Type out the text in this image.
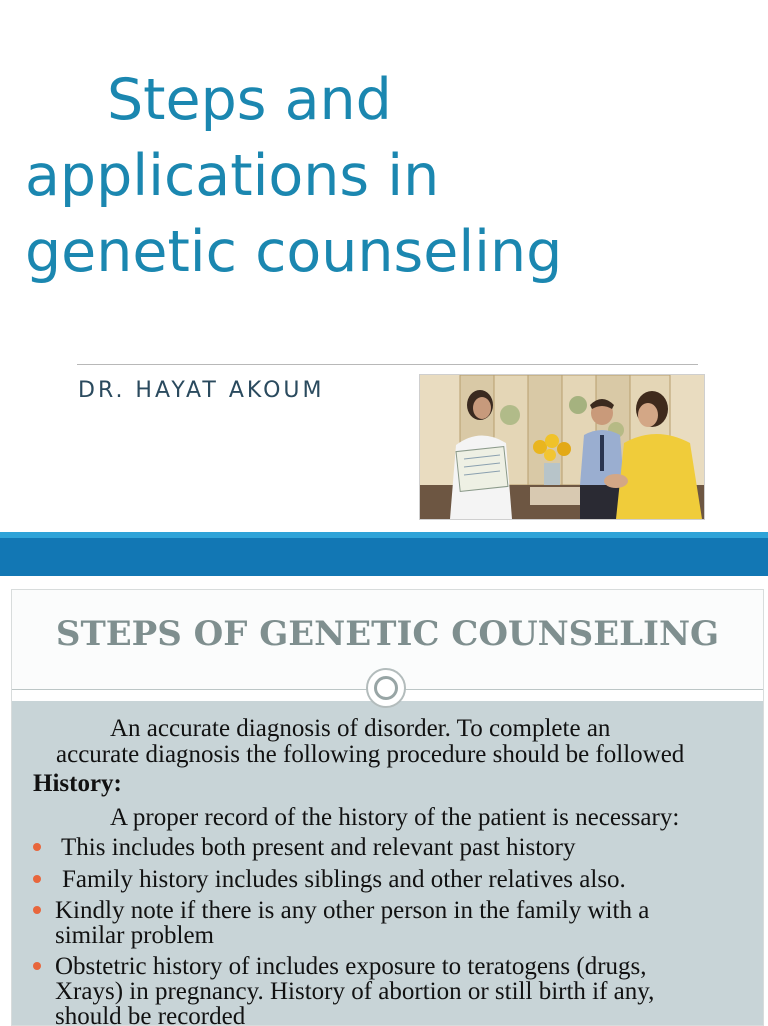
Steps and
applications in
genetic counseling
DR. HAYAT AKOUM
STEPS OF GENETIC COUNSELING

An accurate diagnosis of disorder. To complete an

accurate diagnosis the following procedure should be followed

History:

A proper record of the history of the patient is necessary:

This includes both present and relevant past history

Family history includes siblings and other relatives also.

Kindly note if there is any other person in the family with a

similar problem

Obstetric history of includes exposure to teratogens (drugs,

Xrays) in pregnancy. History of abortion or still birth if any,

should be recorded
